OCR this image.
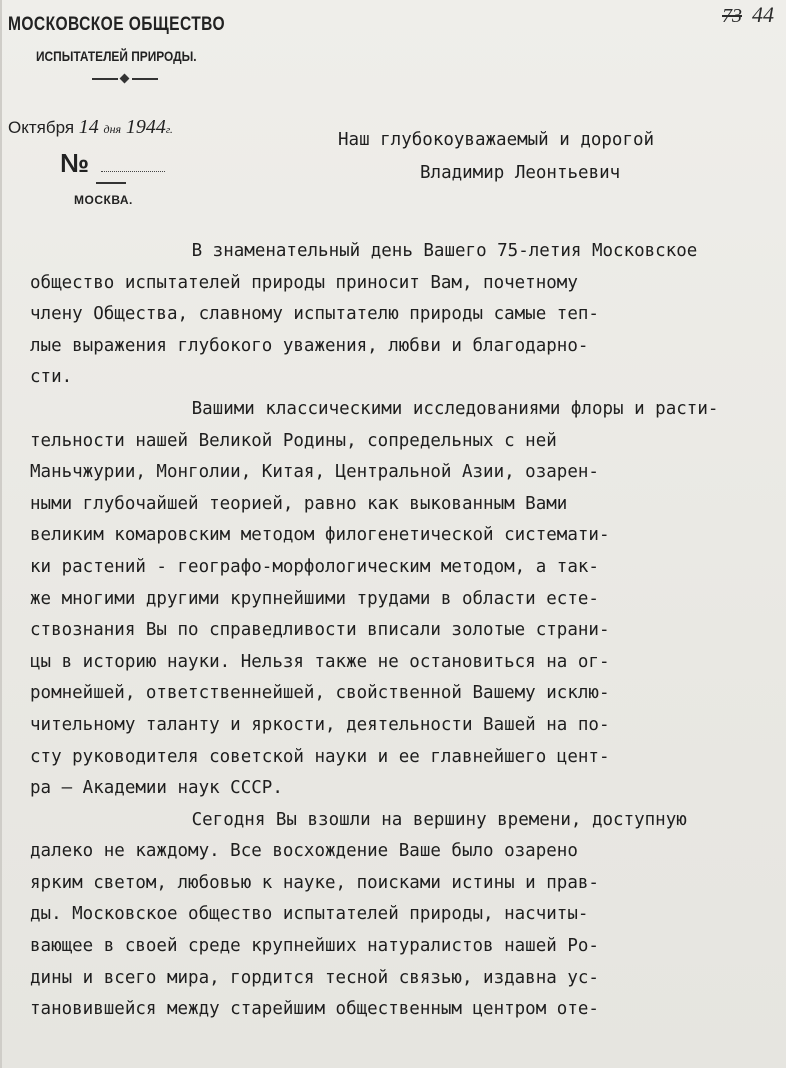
МОСКОВСКОЕ ОБЩЕСТВО
ИСПЫТАТЕЛЕЙ ПРИРОДЫ.
Октября 14 дня 1944г.
№
МОСКВА.
73 44
Наш глубокоуважаемый и дорогой
Владимир Леонтьевич
В знаменательный день Вашего 75-летия Московское
общество испытателей природы приносит Вам, почетному
члену Общества, славному испытателю природы самые теп-
лые выражения глубокого уважения, любви и благодарно-
сти.
Вашими классическими исследованиями флоры и расти-
тельности нашей Великой Родины, сопредельных с ней
Маньчжурии, Монголии, Китая, Центральной Азии, озарен-
ными глубочайшей теорией, равно как выкованным Вами
великим комаровским методом филогенетической системати-
ки растений - географо-морфологическим методом, а так-
же многими другими крупнейшими трудами в области есте-
ствознания Вы по справедливости вписали золотые страни-
цы в историю науки. Нельзя также не остановиться на ог-
ромнейшей, ответственнейшей, свойственной Вашему исклю-
чительному таланту и яркости, деятельности Вашей на по-
сту руководителя советской науки и ее главнейшего цент-
ра — Академии наук СССР.
Сегодня Вы взошли на вершину времени, доступную
далеко не каждому. Все восхождение Ваше было озарено
ярким светом, любовью к науке, поисками истины и прав-
ды. Московское общество испытателей природы, насчиты-
вающее в своей среде крупнейших натуралистов нашей Ро-
дины и всего мира, гордится тесной связью, издавна ус-
тановившейся между старейшим общественным центром оте-
